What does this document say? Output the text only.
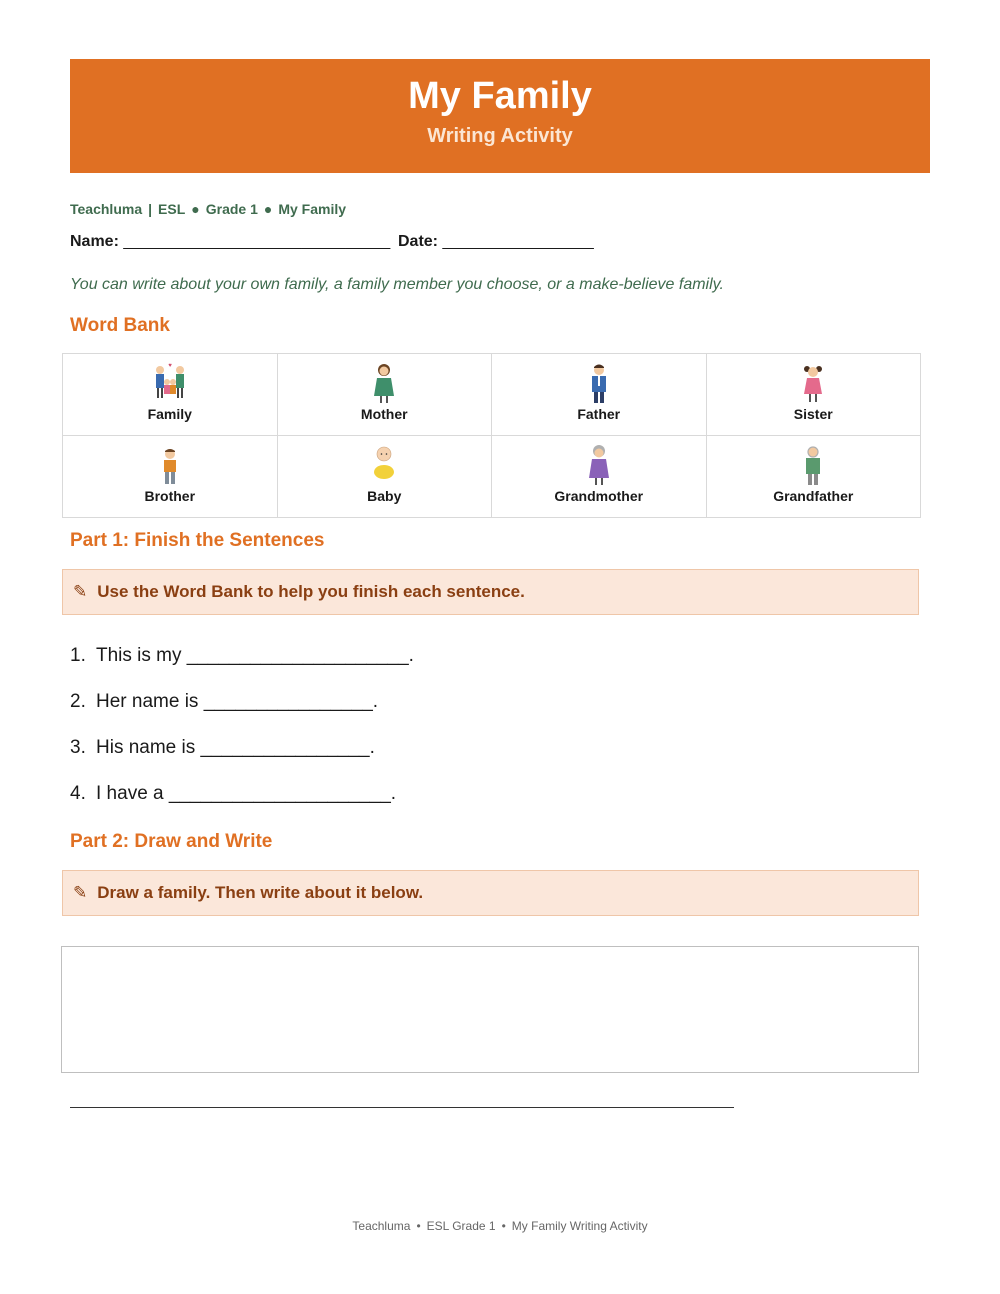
My Family
Writing Activity
Teachluma | ESL ● Grade 1 ● My Family
Name: ______________________________ Date: _________________
You can write about your own family, a family member you choose, or a make-believe family.
Word Bank
♥
Family	Mother	Father	Sister

Brother	Baby	Grandmother	Grandfather
Part 1: Finish the Sentences
✎ Use the Word Bank to help you finish each sentence.
1. This is my _____________________.
2. Her name is ________________.
3. His name is ________________.
4. I have a _____________________.
Part 2: Draw and Write
✎ Draw a family. Then write about it below.
Teachluma • ESL Grade 1 • My Family Writing Activity
